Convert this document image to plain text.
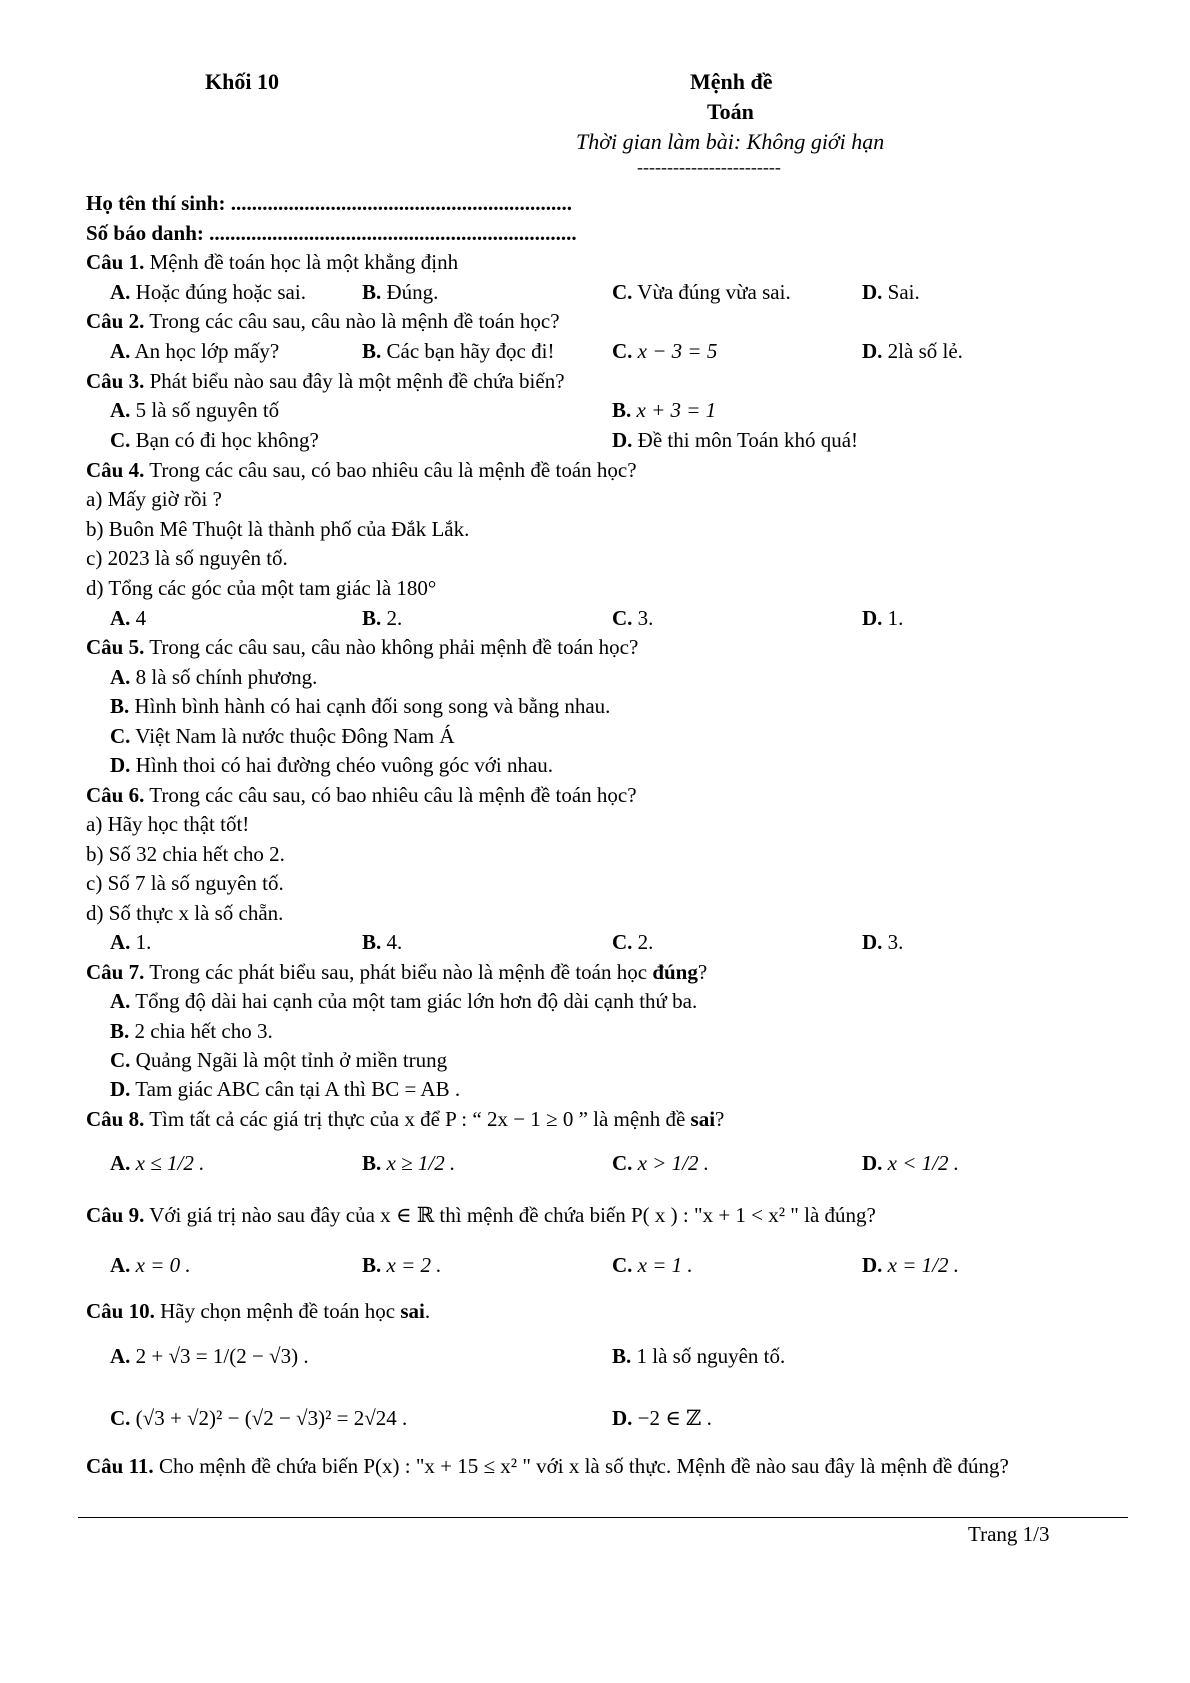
Khối 10	Mệnh đề
Toán
Thời gian làm bài: Không giới hạn
------------------------
Họ tên thí sinh: .................................................................
Số báo danh: ......................................................................
Câu 1. Mệnh đề toán học là một khẳng định
A. Hoặc đúng hoặc sai.	B. Đúng.	C. Vừa đúng vừa sai.	D. Sai.
Câu 2. Trong các câu sau, câu nào là mệnh đề toán học?
A. An học lớp mấy?	B. Các bạn hãy đọc đi!	C. x − 3 = 5	D. 2là số lẻ.
Câu 3. Phát biểu nào sau đây là một mệnh đề chứa biến?
A. 5 là số nguyên tố	B. x + 3 = 1
C. Bạn có đi học không?	D. Đề thi môn Toán khó quá!
Câu 4. Trong các câu sau, có bao nhiêu câu là mệnh đề toán học?
a) Mấy giờ rồi ?
b) Buôn Mê Thuột là thành phố của Đắk Lắk.
c) 2023 là số nguyên tố.
d) Tổng các góc của một tam giác là 180°
A. 4	B. 2.	C. 3.	D. 1.
Câu 5. Trong các câu sau, câu nào không phải mệnh đề toán học?
A. 8 là số chính phương.
B. Hình bình hành có hai cạnh đối song song và bằng nhau.
C. Việt Nam là nước thuộc Đông Nam Á
D. Hình thoi có hai đường chéo vuông góc với nhau.
Câu 6. Trong các câu sau, có bao nhiêu câu là mệnh đề toán học?
a) Hãy học thật tốt!
b) Số 32 chia hết cho 2.
c) Số 7 là số nguyên tố.
d) Số thực x là số chẵn.
A. 1.	B. 4.	C. 2.	D. 3.
Câu 7. Trong các phát biểu sau, phát biểu nào là mệnh đề toán học đúng?
A. Tổng độ dài hai cạnh của một tam giác lớn hơn độ dài cạnh thứ ba.
B. 2 chia hết cho 3.
C. Quảng Ngãi là một tỉnh ở miền trung
D. Tam giác ABC cân tại A thì BC = AB .
Câu 8. Tìm tất cả các giá trị thực của x để P : “ 2x − 1 ≥ 0 ” là mệnh đề sai?
A. x ≤ 1/2 .	B. x ≥ 1/2 .	C. x > 1/2 .	D. x < 1/2 .
Câu 9. Với giá trị nào sau đây của x ∈ ℝ thì mệnh đề chứa biến P( x ) : "x + 1 < x² " là đúng?
A. x = 0 .	B. x = 2 .	C. x = 1 .	D. x = 1/2 .
Câu 10. Hãy chọn mệnh đề toán học sai.
A. 2 + √3 = 1/(2 − √3) .	B. 1 là số nguyên tố.
C. (√3 + √2)² − (√2 − √3)² = 2√24 .	D. −2 ∈ ℤ .
Câu 11. Cho mệnh đề chứa biến P(x) : "x + 15 ≤ x² " với x là số thực. Mệnh đề nào sau đây là mệnh đề đúng?
Trang 1/3
